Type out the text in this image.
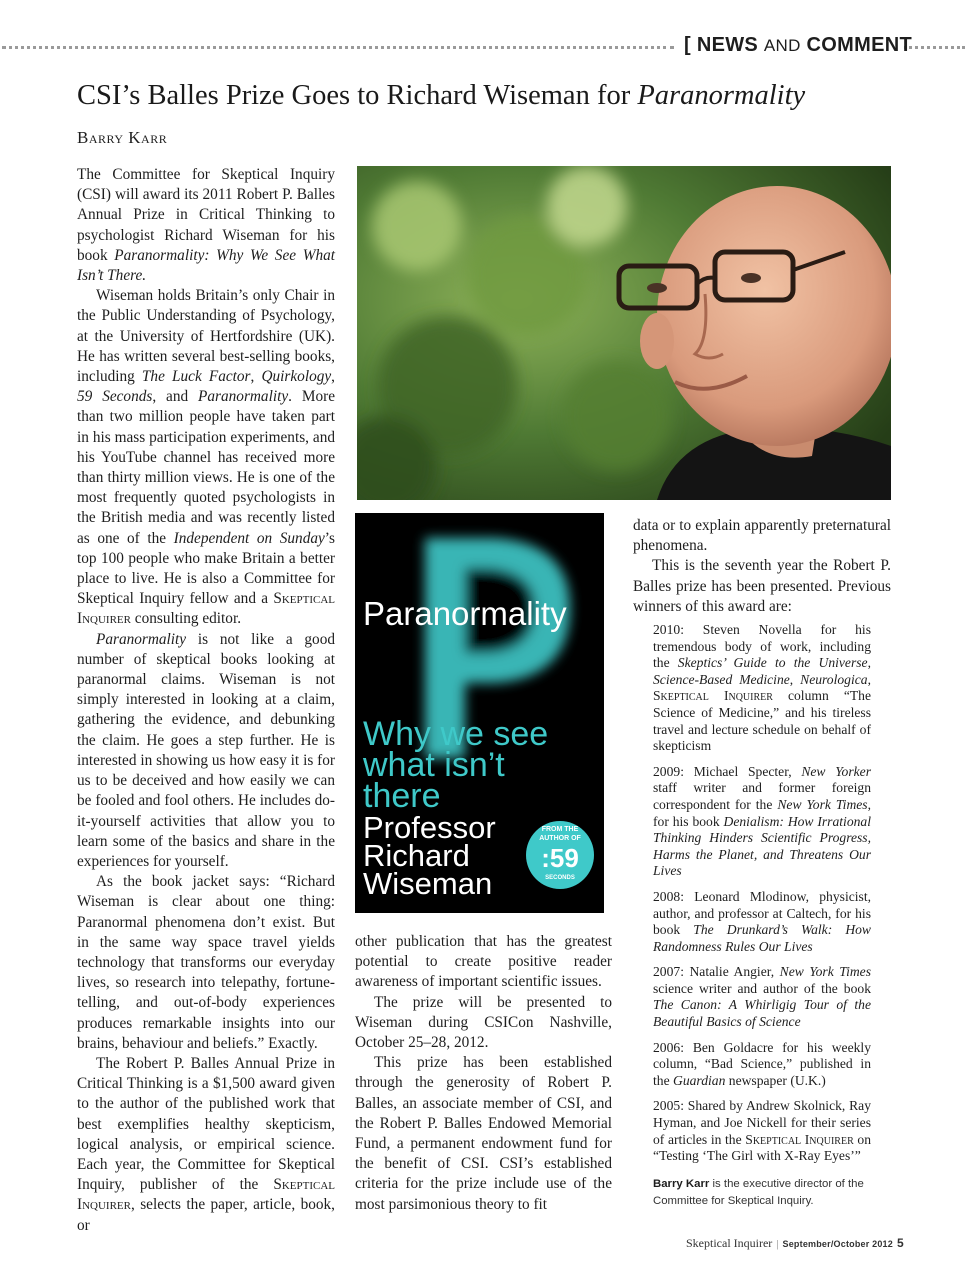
[ NEWS AND COMMENT
CSI’s Balles Prize Goes to Richard Wiseman for Paranormality
Barry Karr

The Committee for Skeptical Inquiry (CSI) will award its 2011 Robert P. Balles Annual Prize in Critical Thinking to psychologist Richard Wiseman for his book Paranormality: Why We See What Isn’t There.

Wiseman holds Britain’s only Chair in the Public Understanding of Psychology, at the University of Hertfordshire (UK). He has written several best-selling books, including The Luck Factor, Quirkology, 59 Seconds, and Paranormality. More than two million people have taken part in his mass participation experiments, and his YouTube channel has received more than thirty million views. He is one of the most frequently quoted psychologists in the British media and was recently listed as one of the Independent on Sunday’s top 100 people who make Britain a better place to live. He is also a Committee for Skeptical Inquiry fellow and a Skeptical Inquirer consulting editor.

Paranormality is not like a good number of skeptical books looking at paranormal claims. Wiseman is not simply interested in looking at a claim, gathering the evidence, and debunking the claim. He goes a step further. He is interested in showing us how easy it is for us to be deceived and how easily we can be fooled and fool others. He includes do-it-yourself activities that allow you to learn some of the basics and share in the experiences for yourself.

As the book jacket says: “Richard Wiseman is clear about one thing: Paranormal phenomena don’t exist. But in the same way space travel yields technology that transforms our everyday lives, so research into telepathy, fortune-telling, and out-of-body experiences produces remarkable insights into our brains, behaviour and beliefs.” Exactly.

The Robert P. Balles Annual Prize in Critical Thinking is a $1,500 award given to the author of the published work that best exemplifies healthy skepticism, logical analysis, or empirical science. Each year, the Committee for Skeptical Inquiry, publisher of the Skeptical Inquirer, selects the paper, article, book, or

Paranormality
Why we see
what isn’t
there
Professor
Richard
Wiseman
FROM THE
AUTHOR OF
:59
SECONDS

other publication that has the greatest potential to create positive reader awareness of important scientific issues.

The prize will be presented to Wiseman during CSICon Nashville, October 25–28, 2012.

This prize has been established through the generosity of Robert P. Balles, an associate member of CSI, and the Robert P. Balles Endowed Memorial Fund, a permanent endowment fund for the benefit of CSI. CSI’s established criteria for the prize include use of the most parsimonious theory to fit

data or to explain apparently preternatural phenomena.

This is the seventh year the Robert P. Balles prize has been presented. Previous winners of this award are:

2010: Steven Novella for his tremendous body of work, including the Skeptics’ Guide to the Universe, Science-Based Medicine, Neurologica, Skeptical Inquirer column “The Science of Medicine,” and his tireless travel and lecture schedule on behalf of skepticism

2009: Michael Specter, New Yorker staff writer and former foreign correspondent for the New York Times, for his book Denialism: How Irrational Thinking Hinders Scientific Progress, Harms the Planet, and Threatens Our Lives

2008: Leonard Mlodinow, physicist, author, and professor at Caltech, for his book The Drunkard’s Walk: How Randomness Rules Our Lives

2007: Natalie Angier, New York Times science writer and author of the book The Canon: A Whirligig Tour of the Beautiful Basics of Science

2006: Ben Goldacre for his weekly column, “Bad Science,” published in the Guardian newspaper (U.K.)

2005: Shared by Andrew Skolnick, Ray Hyman, and Joe Nickell for their series of articles in the Skeptical Inquirer on “Testing ‘The Girl with X-Ray Eyes’”

Barry Karr is the executive director of the Committee for Skeptical Inquiry.
Skeptical Inquirer | September/October 2012 5
